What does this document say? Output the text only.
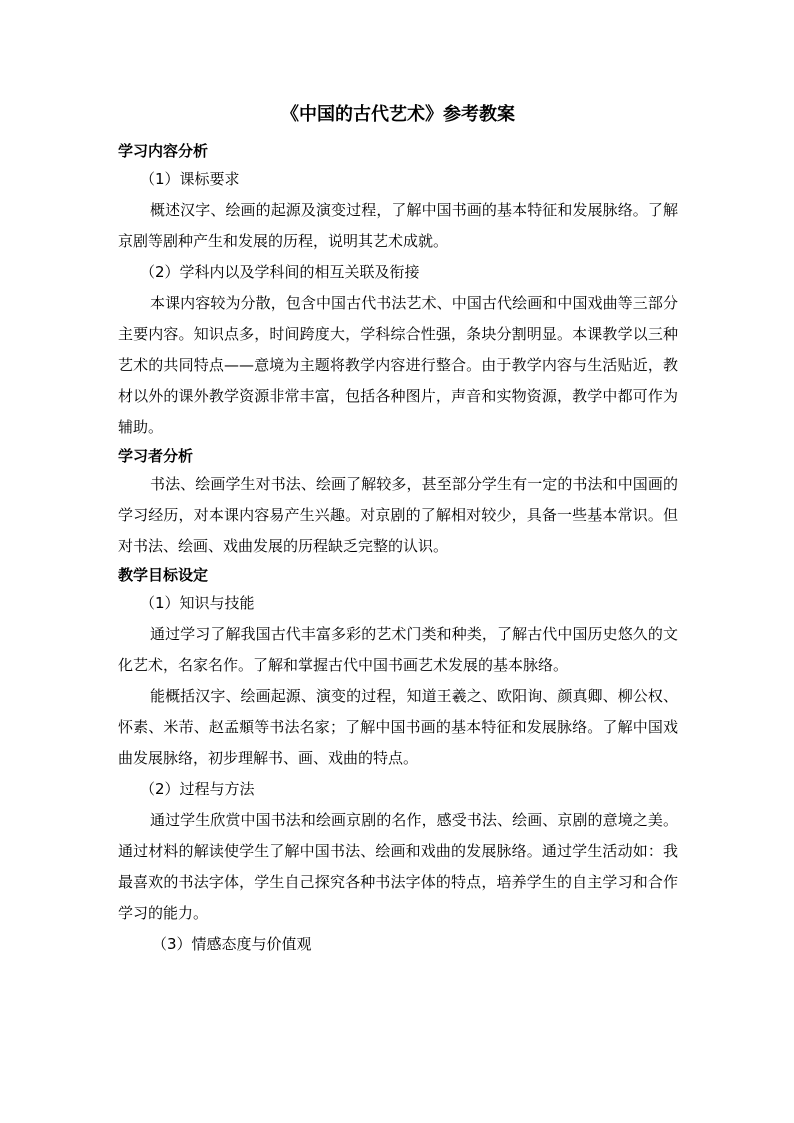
《中国的古代艺术》参考教案
学习内容分析
（1）课标要求
概述汉字、绘画的起源及演变过程，了解中国书画的基本特征和发展脉络。了解京剧等剧种产生和发展的历程，说明其艺术成就。
（2）学科内以及学科间的相互关联及衔接
本课内容较为分散，包含中国古代书法艺术、中国古代绘画和中国戏曲等三部分主要内容。知识点多，时间跨度大，学科综合性强，条块分割明显。本课教学以三种艺术的共同特点——意境为主题将教学内容进行整合。由于教学内容与生活贴近，教材以外的课外教学资源非常丰富，包括各种图片，声音和实物资源，教学中都可作为辅助。
学习者分析
书法、绘画学生对书法、绘画了解较多，甚至部分学生有一定的书法和中国画的学习经历，对本课内容易产生兴趣。对京剧的了解相对较少，具备一些基本常识。但对书法、绘画、戏曲发展的历程缺乏完整的认识。
教学目标设定
（1）知识与技能
通过学习了解我国古代丰富多彩的艺术门类和种类，了解古代中国历史悠久的文化艺术，名家名作。了解和掌握古代中国书画艺术发展的基本脉络。
能概括汉字、绘画起源、演变的过程，知道王羲之、欧阳询、颜真卿、柳公权、怀素、米芾、赵孟頫等书法名家；了解中国书画的基本特征和发展脉络。了解中国戏曲发展脉络，初步理解书、画、戏曲的特点。
（2）过程与方法
通过学生欣赏中国书法和绘画京剧的名作，感受书法、绘画、京剧的意境之美。通过材料的解读使学生了解中国书法、绘画和戏曲的发展脉络。通过学生活动如：我最喜欢的书法字体，学生自己探究各种书法字体的特点，培养学生的自主学习和合作学习的能力。
（3）情感态度与价值观
